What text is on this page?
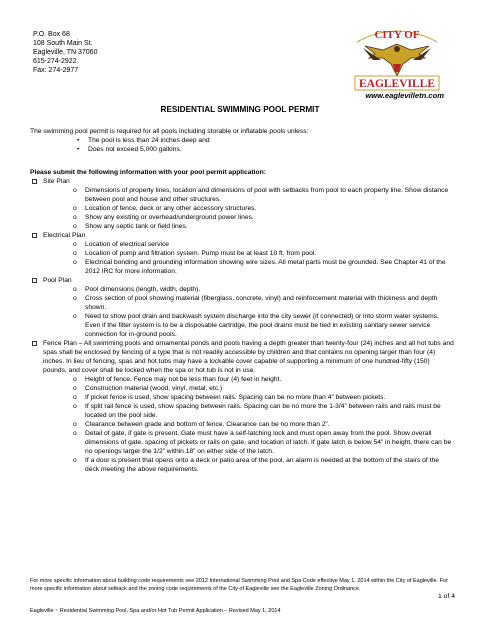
P.O. Box 68
108 South Main St.
Eagleville, TN 37060
615-274-2922
Fax: 274-2977
CITY OF
EAGLEVILLE
www.eaglevilletn.com
RESIDENTIAL SWIMMING POOL PERMIT
The swimming pool permit is required for all pools including storable or inflatable pools unless:
• The pool is less than 24 inches deep and
• Does not exceed 5,000 gallons.
Please submit the following information with your pool permit application:
Site Plan
o Dimensions of property lines, location and dimensions of pool with setbacks from pool to each property line. Show distance between pool and house and other structures.
o Location of fence, deck or any other accessory structures.
o Show any existing or overhead/underground power lines.
o Show any septic tank or field lines.
Electrical Plan
o Location of electrical service
o Location of pump and filtration system. Pump must be at least 10 ft. from pool.
o Electrical bonding and grounding information showing wire sizes. All metal parts must be grounded. See Chapter 41 of the 2012 IRC for more information.
Pool Plan
o Pool dimensions (length, width, depth).
o Cross section of pool showing material (fiberglass, concrete, vinyl) and reinforcement material with thickness and depth shown.
o Need to show pool drain and backwash system discharge into the city sewer (if connected) or into storm water systems. Even if the filter system is to be a disposable cartridge, the pool drains must be tied in existing sanitary sewer service connection for in-ground pools.
Fence Plan – All swimming pools and ornamental ponds and pools having a depth greater than twenty-four (24) inches and all hot tubs and spas shall be enclosed by fencing of a type that is not readily accessible by children and that contains no opening larger than four (4) inches. In lieu of fencing, spas and hot tubs may have a lockable cover capable of supporting a minimum of one hundred-fifty (150) pounds, and cover shall be locked when the spa or hot tub is not in use.
o Height of fence. Fence may not be less than four (4) feet in height.
o Construction material (wood, vinyl, metal, etc.)
o If picket fence is used, show spacing between rails. Spacing can be no more than 4” between pickets.
o If split rail fence is used, show spacing between rails. Spacing can be no more the 1-3/4” between rails and rails must be located on the pool side.
o Clearance between grade and bottom of fence. Clearance can be no more than 2”.
o Detail of gate, if gate is present. Gate must have a self-latching lock and must open away from the pool. Show overall dimensions of gate, spacing of pickets or rails on gate, and location of latch. If gate latch is below 54” in height, there can be no openings larger the 1/2” within 18” on either side of the latch.
o If a door is present that opens onto a deck or patio area of the pool, an alarm is needed at the bottom of the stairs of the deck meeting the above requirements.
For more specific information about building code requirements see 2012 International Swimming Pool and Spa Code effective May 1, 2014 within the City of Eagleville. For more specific information about setback and the zoning code requirements of the City of Eagleville see the Eagleville Zoning Ordinance.
1 of 4
Eagleville ~ Residential Swimming Pool, Spa and/or Hot Tub Permit Application – Revised May 1, 2014
